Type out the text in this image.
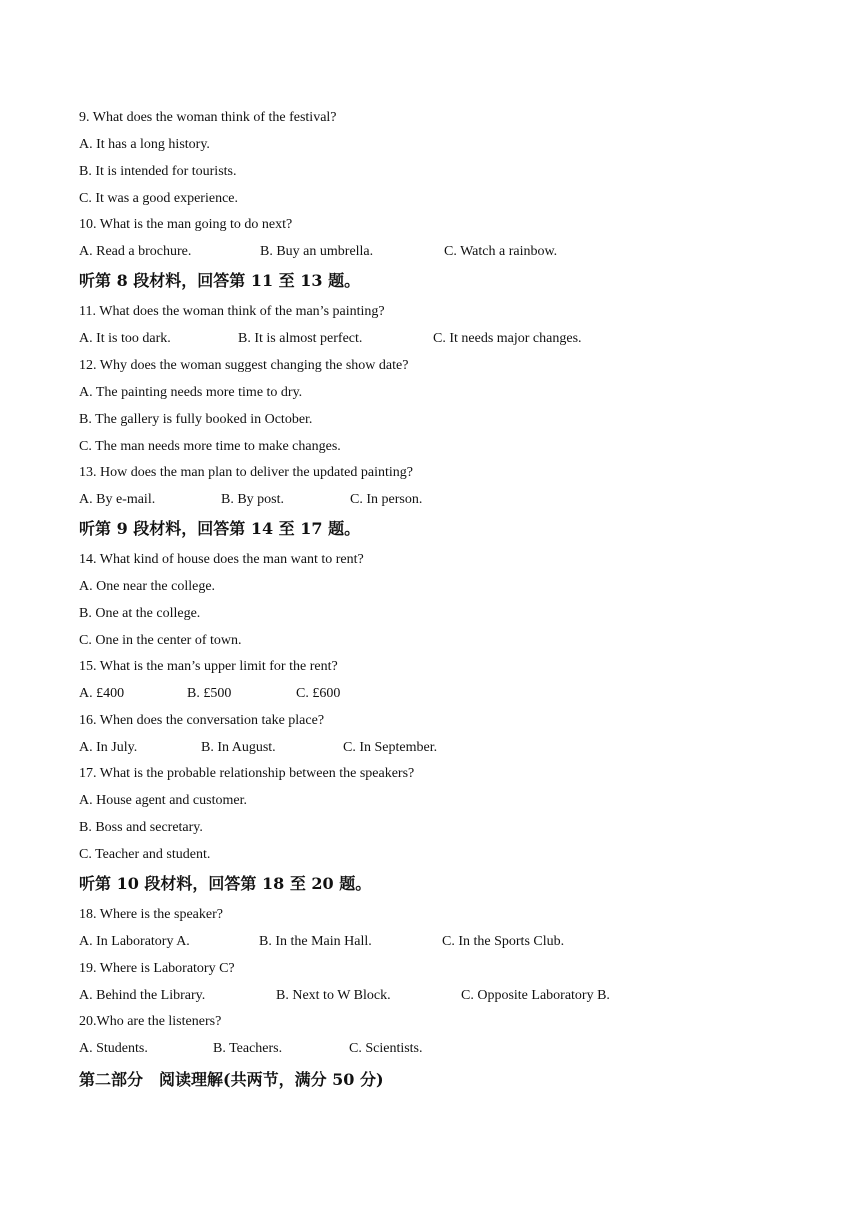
9. What does the woman think of the festival?
A. It has a long history.
B. It is intended for tourists.
C. It was a good experience.
10. What is the man going to do next?
A. Read a brochure.	B. Buy an umbrella.	C. Watch a rainbow.
听第 8 段材料，回答第 11 至 13 题。
11. What does the woman think of the man’s painting?
A. It is too dark.	B. It is almost perfect.	C. It needs major changes.
12. Why does the woman suggest changing the show date?
A. The painting needs more time to dry.
B. The gallery is fully booked in October.
C. The man needs more time to make changes.
13. How does the man plan to deliver the updated painting?
A. By e-mail.	B. By post.	C. In person.
听第 9 段材料，回答第 14 至 17 题。
14. What kind of house does the man want to rent?
A. One near the college.
B. One at the college.
C. One in the center of town.
15. What is the man’s upper limit for the rent?
A. £400	B. £500	C. £600
16. When does the conversation take place?
A. In July.	B. In August.	C. In September.
17. What is the probable relationship between the speakers?
A. House agent and customer.
B. Boss and secretary.
C. Teacher and student.
听第 10 段材料，回答第 18 至 20 题。
18. Where is the speaker?
A. In Laboratory A.	B. In the Main Hall.	C. In the Sports Club.
19. Where is Laboratory C?
A. Behind the Library.	B. Next to W Block.	C. Opposite Laboratory B.
20.Who are the listeners?
A. Students.	B. Teachers.	C. Scientists.
第二部分　阅读理解(共两节，满分 50 分)
